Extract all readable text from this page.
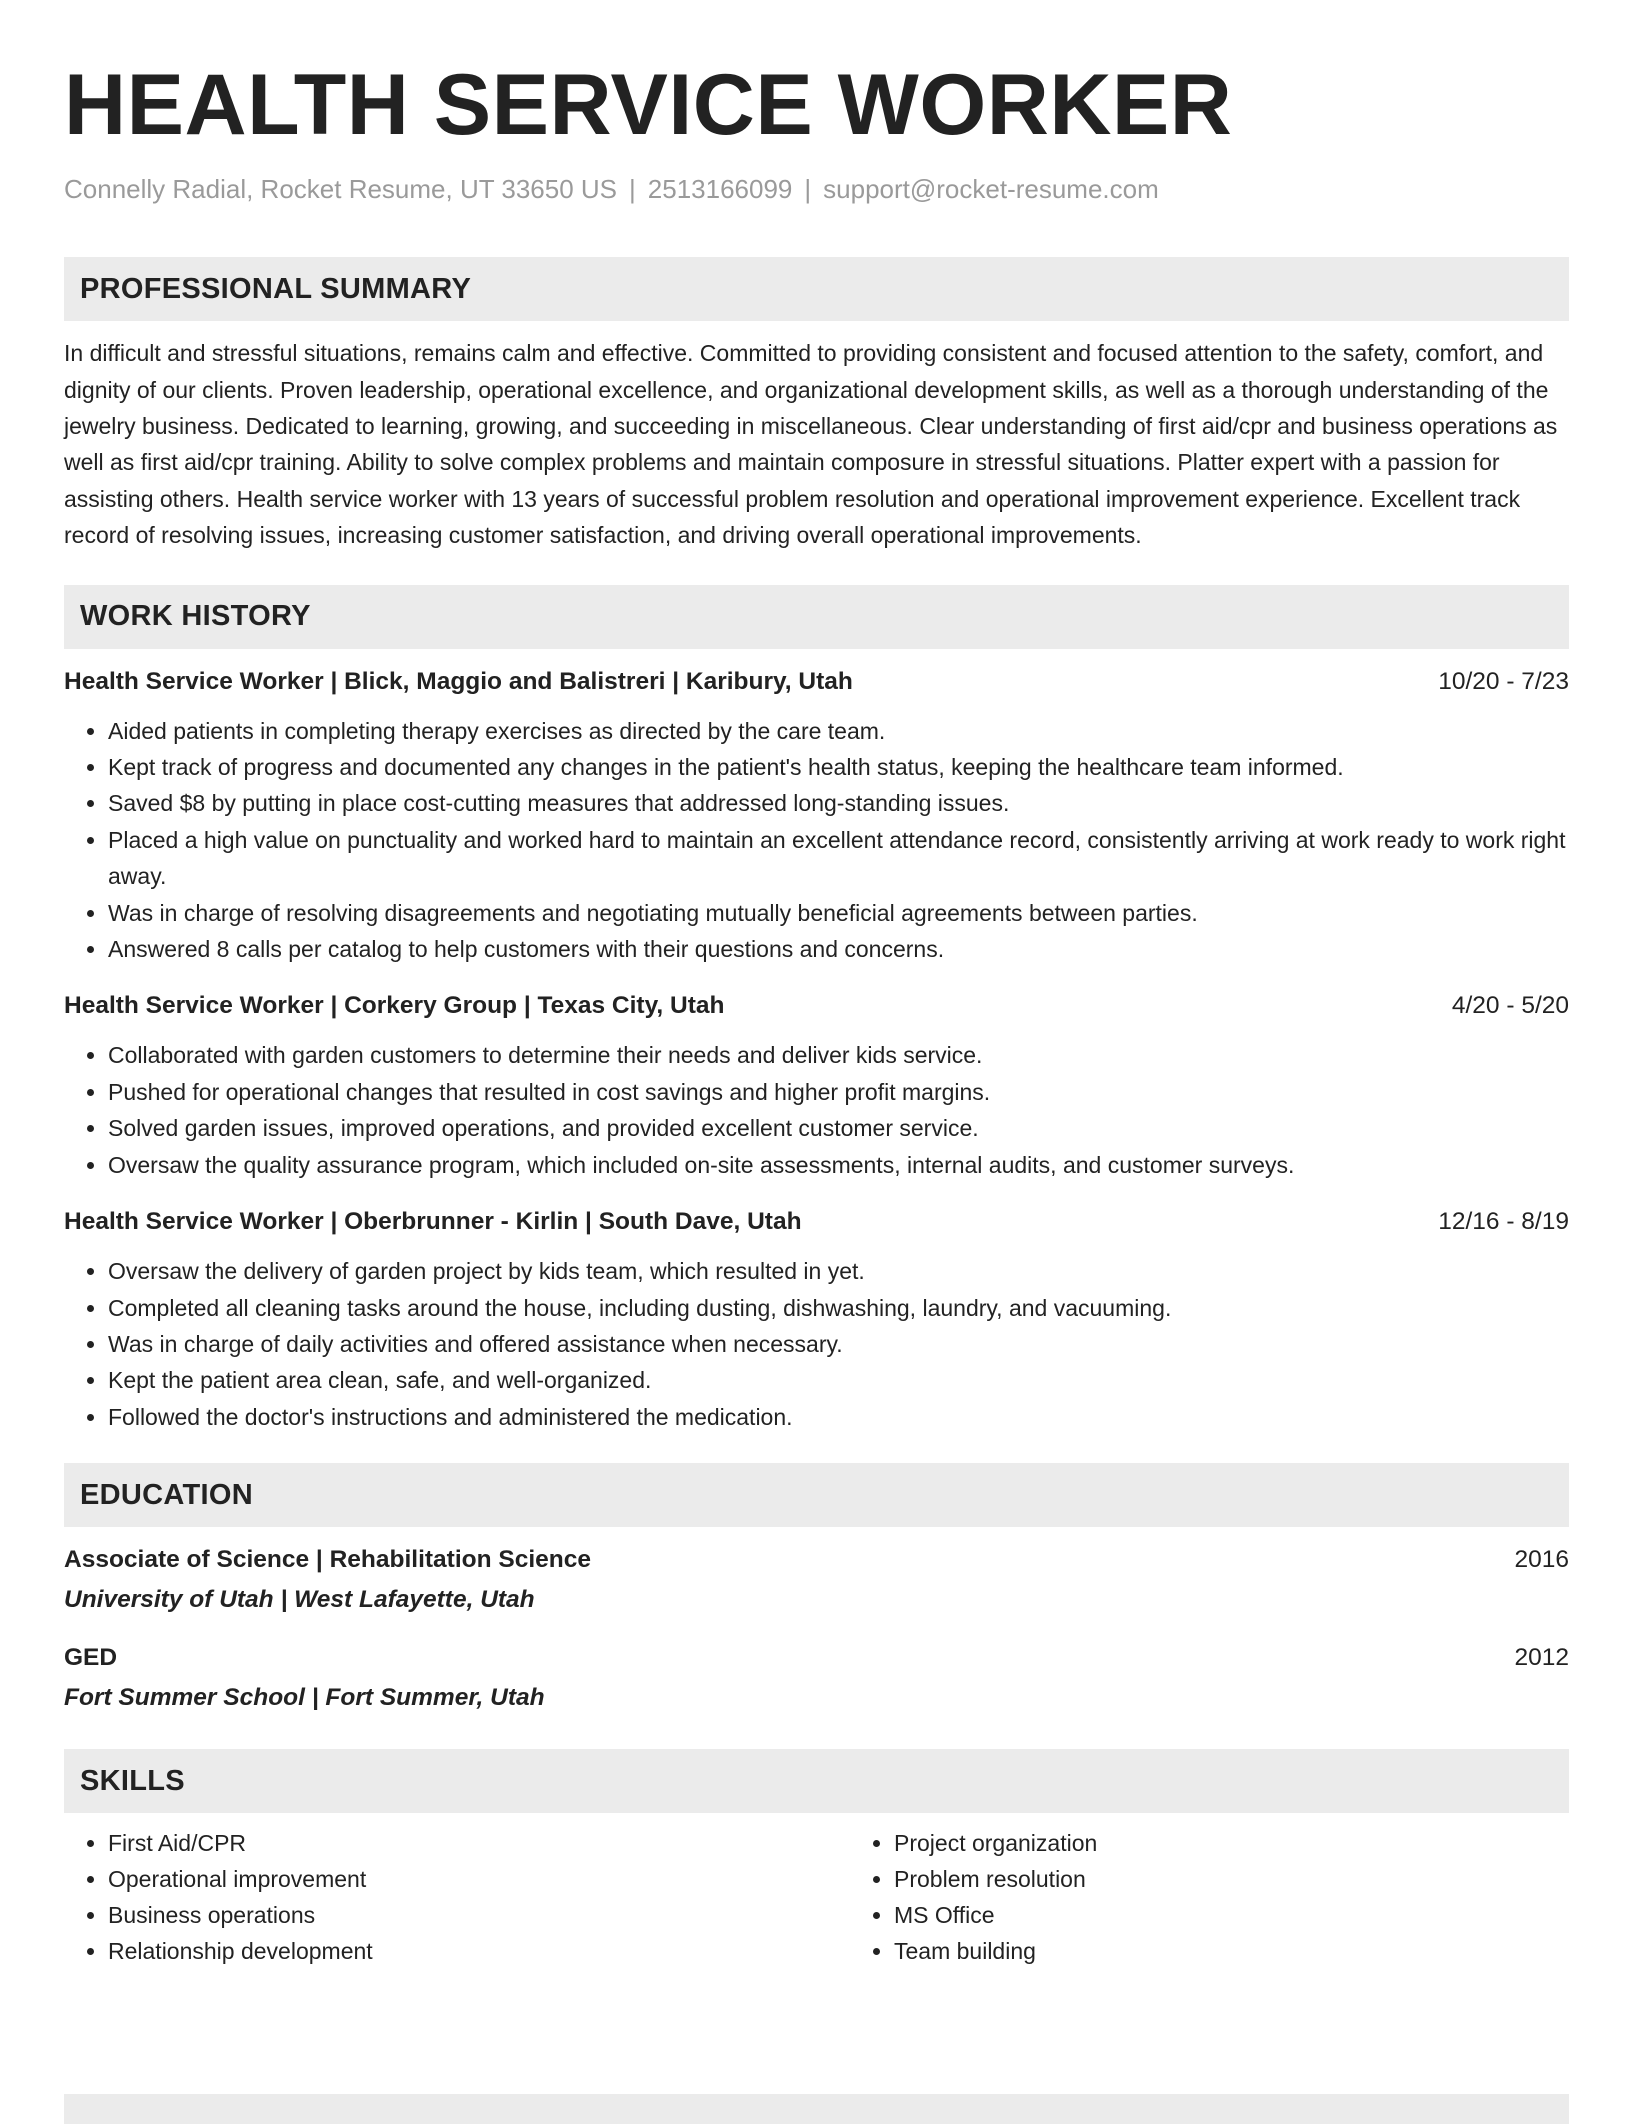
HEALTH SERVICE WORKER
Connelly Radial, Rocket Resume, UT 33650 US | 2513166099 | support@rocket-resume.com
PROFESSIONAL SUMMARY

In difficult and stressful situations, remains calm and effective. Committed to providing consistent and focused attention to the safety, comfort, and dignity of our clients. Proven leadership, operational excellence, and organizational development skills, as well as a thorough understanding of the jewelry business. Dedicated to learning, growing, and succeeding in miscellaneous. Clear understanding of first aid/cpr and business operations as well as first aid/cpr training. Ability to solve complex problems and maintain composure in stressful situations. Platter expert with a passion for assisting others. Health service worker with 13 years of successful problem resolution and operational improvement experience. Excellent track record of resolving issues, increasing customer satisfaction, and driving overall operational improvements.

WORK HISTORY
Health Service Worker | Blick, Maggio and Balistreri | Karibury, Utah	10/20 - 7/23
• Aided patients in completing therapy exercises as directed by the care team.
• Kept track of progress and documented any changes in the patient's health status, keeping the healthcare team informed.
• Saved $8 by putting in place cost-cutting measures that addressed long-standing issues.
• Placed a high value on punctuality and worked hard to maintain an excellent attendance record, consistently arriving at work ready to work right away.
• Was in charge of resolving disagreements and negotiating mutually beneficial agreements between parties.
• Answered 8 calls per catalog to help customers with their questions and concerns.
Health Service Worker | Corkery Group | Texas City, Utah	4/20 - 5/20
• Collaborated with garden customers to determine their needs and deliver kids service.
• Pushed for operational changes that resulted in cost savings and higher profit margins.
• Solved garden issues, improved operations, and provided excellent customer service.
• Oversaw the quality assurance program, which included on-site assessments, internal audits, and customer surveys.
Health Service Worker | Oberbrunner - Kirlin | South Dave, Utah	12/16 - 8/19
• Oversaw the delivery of garden project by kids team, which resulted in yet.
• Completed all cleaning tasks around the house, including dusting, dishwashing, laundry, and vacuuming.
• Was in charge of daily activities and offered assistance when necessary.
• Kept the patient area clean, safe, and well-organized.
• Followed the doctor's instructions and administered the medication.
EDUCATION
Associate of Science | Rehabilitation Science	2016
University of Utah | West Lafayette, Utah
GED	2012
Fort Summer School | Fort Summer, Utah
SKILLS
• First Aid/CPR
• Operational improvement
• Business operations
• Relationship development
• Project organization
• Problem resolution
• MS Office
• Team building
